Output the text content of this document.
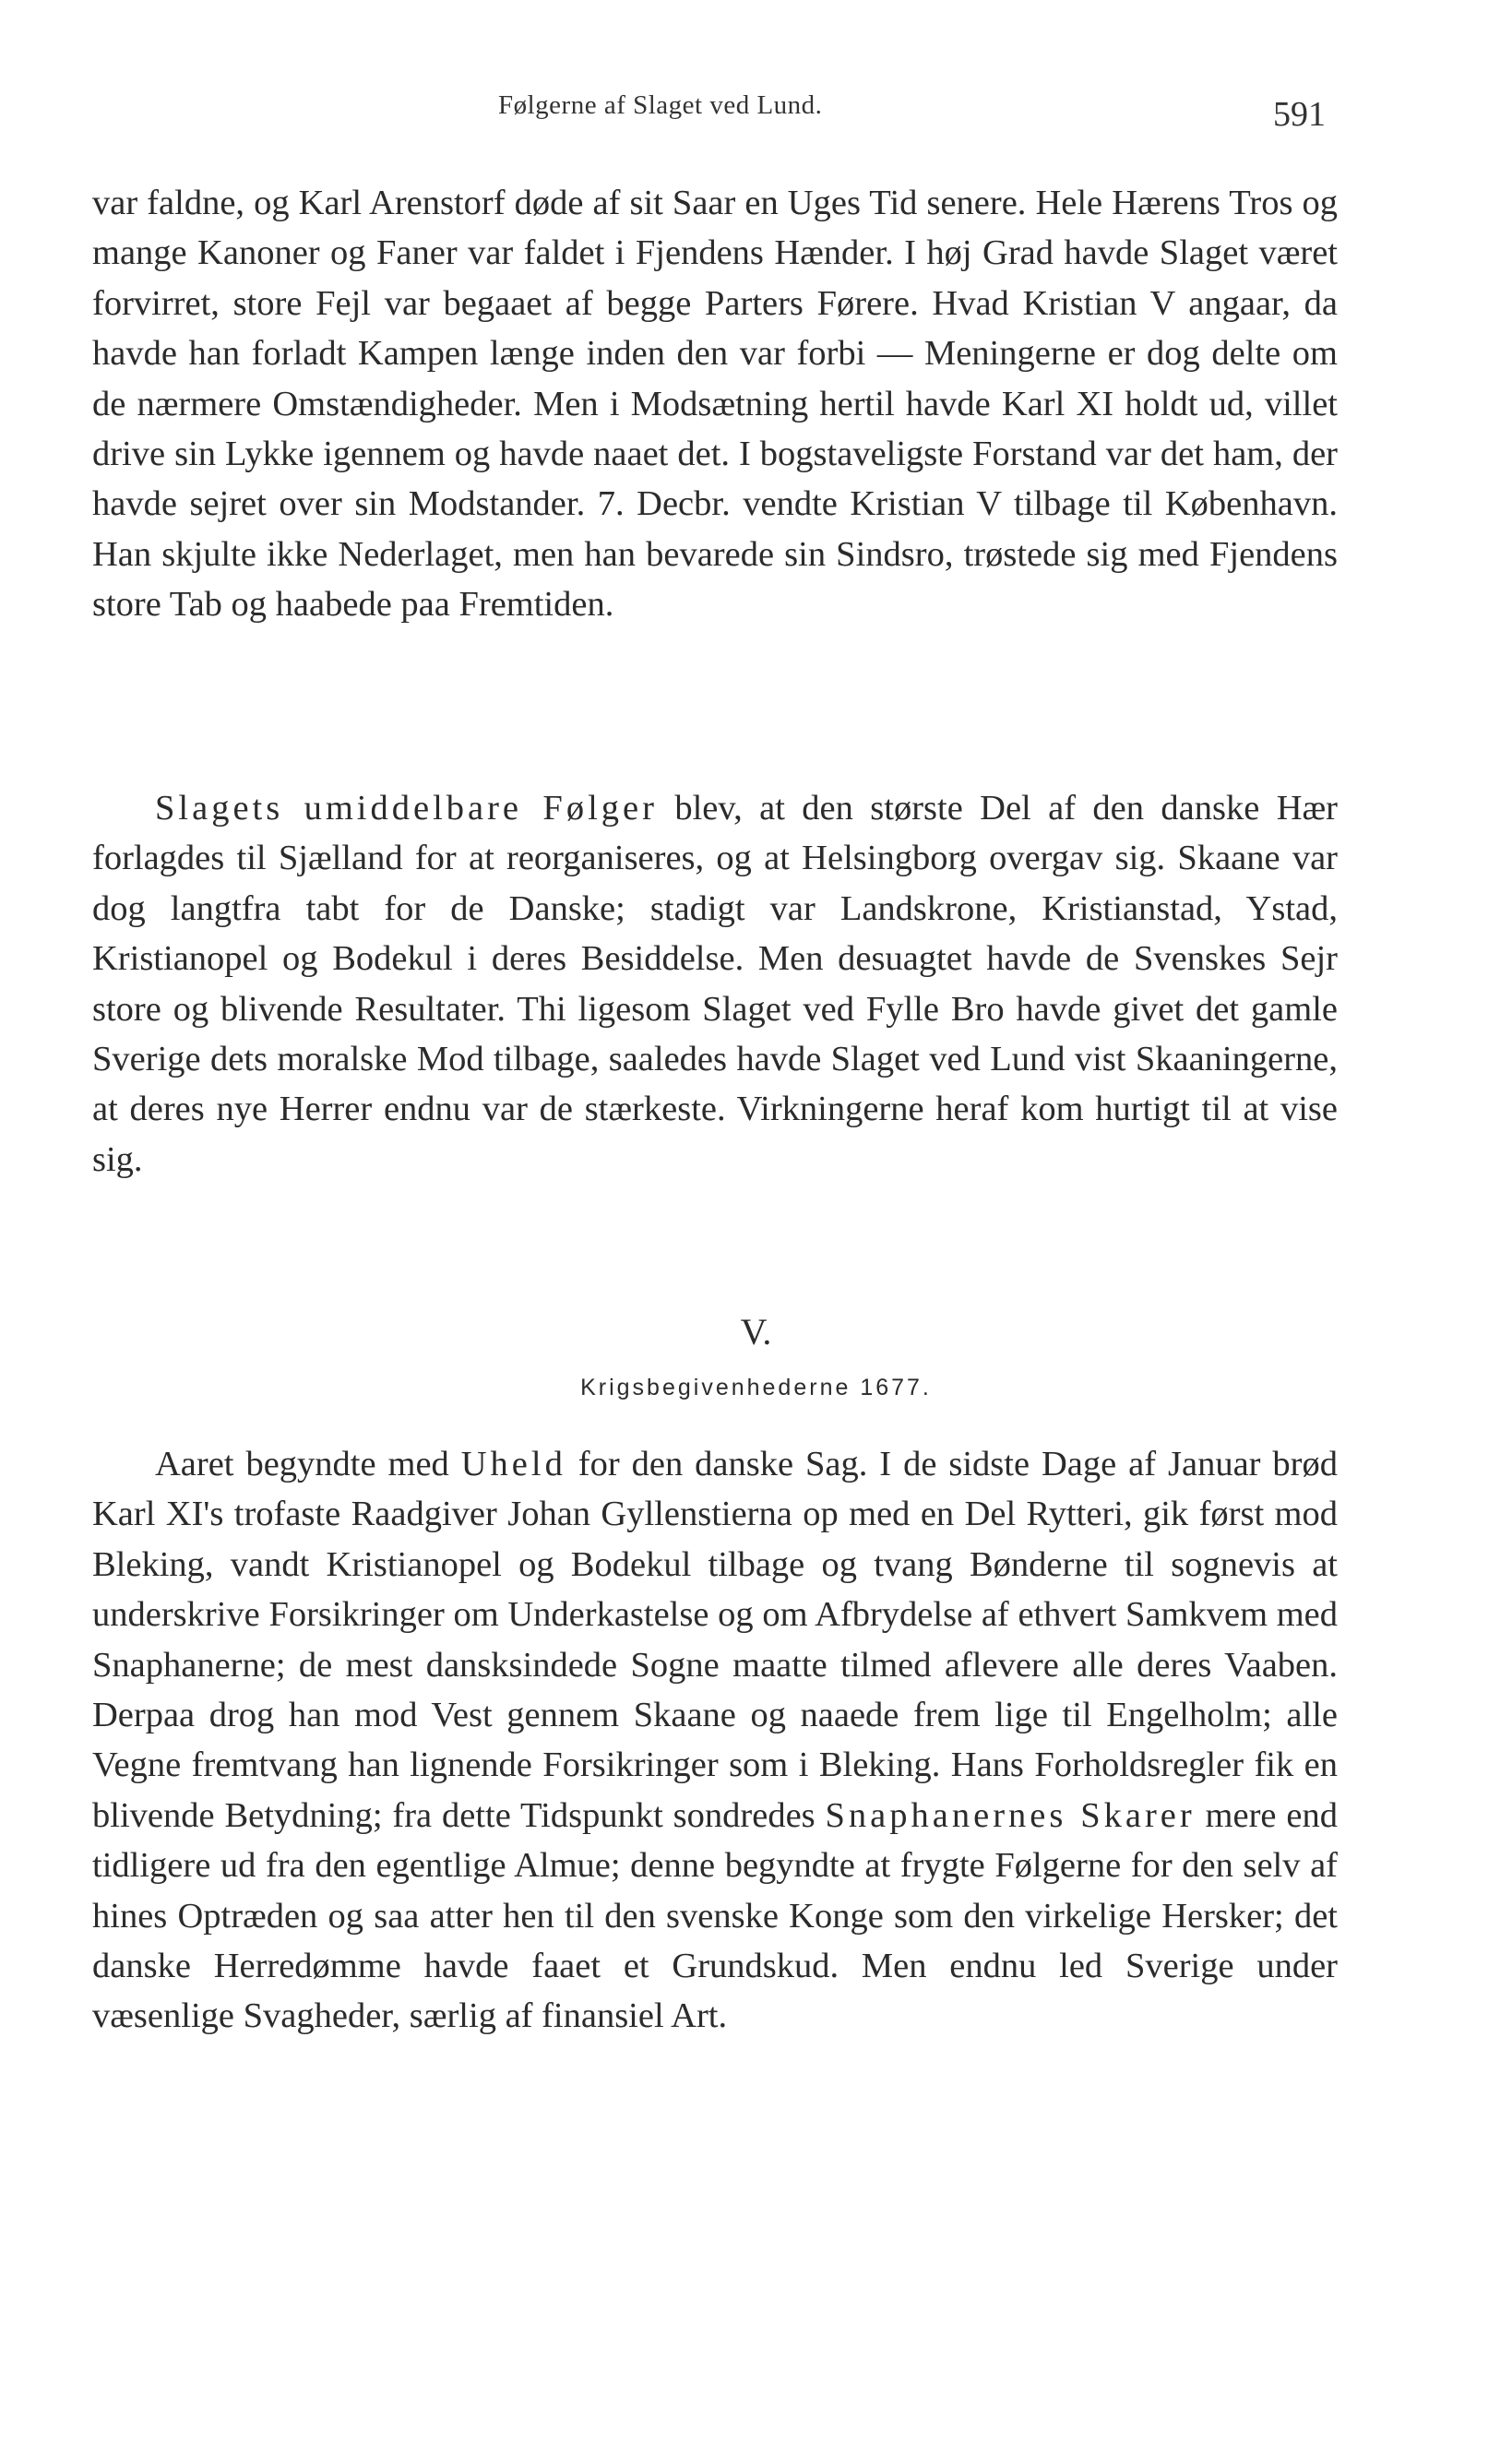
Følgerne af Slaget ved Lund.	591

var faldne, og Karl Arenstorf døde af sit Saar en Uges Tid senere. Hele Hærens Tros og mange Kanoner og Faner var faldet i Fjendens Hænder. I høj Grad havde Slaget været forvirret, store Fejl var begaaet af begge Parters Førere. Hvad Kristian V angaar, da havde han forladt Kampen længe inden den var forbi — Meningerne er dog delte om de nærmere Omstændigheder. Men i Modsætning hertil havde Karl XI holdt ud, villet drive sin Lykke igennem og havde naaet det. I bogstaveligste Forstand var det ham, der havde sejret over sin Modstander. 7. Decbr. vendte Kristian V tilbage til København. Han skjulte ikke Nederlaget, men han bevarede sin Sindsro, trøstede sig med Fjendens store Tab og haabede paa Fremtiden.

Slagets umiddelbare Følger blev, at den største Del af den danske Hær forlagdes til Sjælland for at reorganiseres, og at Helsingborg overgav sig. Skaane var dog langtfra tabt for de Danske; stadigt var Landskrone, Kristianstad, Ystad, Kristianopel og Bodekul i deres Besiddelse. Men desuagtet havde de Svenskes Sejr store og blivende Resultater. Thi ligesom Slaget ved Fylle Bro havde givet det gamle Sverige dets moralske Mod tilbage, saaledes havde Slaget ved Lund vist Skaaningerne, at deres nye Herrer endnu var de stærkeste. Virkningerne heraf kom hurtigt til at vise sig.

V.
Krigsbegivenhederne 1677.

Aaret begyndte med Uheld for den danske Sag. I de sidste Dage af Januar brød Karl XI's trofaste Raadgiver Johan Gyllenstierna op med en Del Rytteri, gik først mod Bleking, vandt Kristianopel og Bodekul tilbage og tvang Bønderne til sognevis at underskrive Forsikringer om Underkastelse og om Afbrydelse af ethvert Samkvem med Snaphanerne; de mest dansksindede Sogne maatte tilmed aflevere alle deres Vaaben. Derpaa drog han mod Vest gennem Skaane og naaede frem lige til Engelholm; alle Vegne fremtvang han lignende Forsikringer som i Bleking. Hans Forholdsregler fik en blivende Betydning; fra dette Tidspunkt sondredes Snaphanernes Skarer mere end tidligere ud fra den egentlige Almue; denne begyndte at frygte Følgerne for den selv af hines Optræden og saa atter hen til den svenske Konge som den virkelige Hersker; det danske Herredømme havde faaet et Grundskud. Men endnu led Sverige under væsenlige Svagheder, særlig af finansiel Art.
